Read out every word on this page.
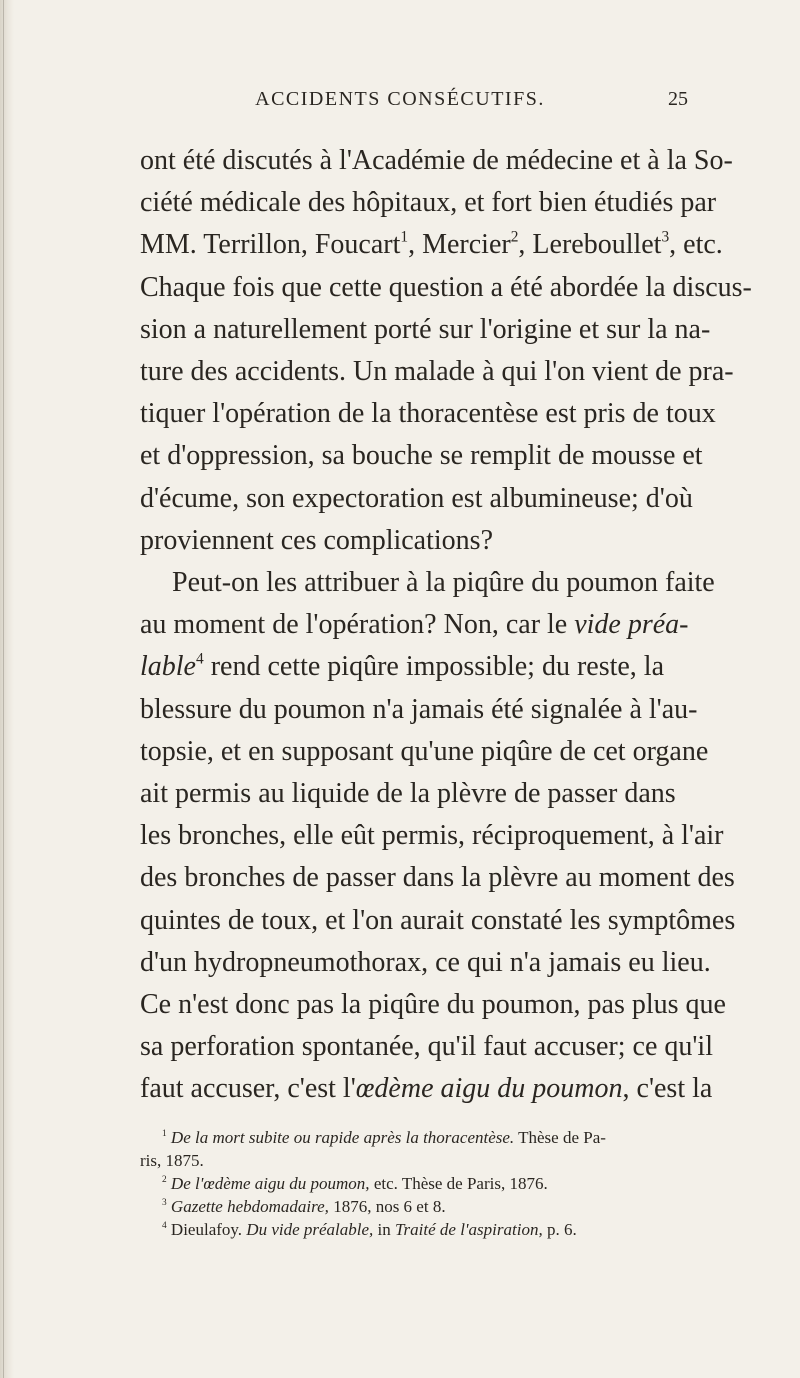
ACCIDENTS CONSÉCUTIFS.	25
ont été discutés à l'Académie de médecine et à la So-
ciété médicale des hôpitaux, et fort bien étudiés par
MM. Terrillon, Foucart$^1$, Mercier$^2$, Lereboullet$^3$, etc.
Chaque fois que cette question a été abordée la discus-
sion a naturellement porté sur l'origine et sur la na-
ture des accidents. Un malade à qui l'on vient de pra-
tiquer l'opération de la thoracentèse est pris de toux
et d'oppression, sa bouche se remplit de mousse et
d'écume, son expectoration est albumineuse; d'où
proviennent ces complications?
Peut-on les attribuer à la piqûre du poumon faite
au moment de l'opération? Non, car le vide préa-
lable$^4$ rend cette piqûre impossible; du reste, la
blessure du poumon n'a jamais été signalée à l'au-
topsie, et en supposant qu'une piqûre de cet organe
ait permis au liquide de la plèvre de passer dans
les bronches, elle eût permis, réciproquement, à l'air
des bronches de passer dans la plèvre au moment des
quintes de toux, et l'on aurait constaté les symptômes
d'un hydropneumothorax, ce qui n'a jamais eu lieu.
Ce n'est donc pas la piqûre du poumon, pas plus que
sa perforation spontanée, qu'il faut accuser; ce qu'il
faut accuser, c'est l'œdème aigu du poumon, c'est la
$^1$ De la mort subite ou rapide après la thoracentèse. Thèse de Pa-
ris, 1875.
$^2$ De l'œdème aigu du poumon, etc. Thèse de Paris, 1876.
$^3$ Gazette hebdomadaire, 1876, nos 6 et 8.
$^4$ Dieulafoy. Du vide préalable, in Traité de l'aspiration, p. 6.
